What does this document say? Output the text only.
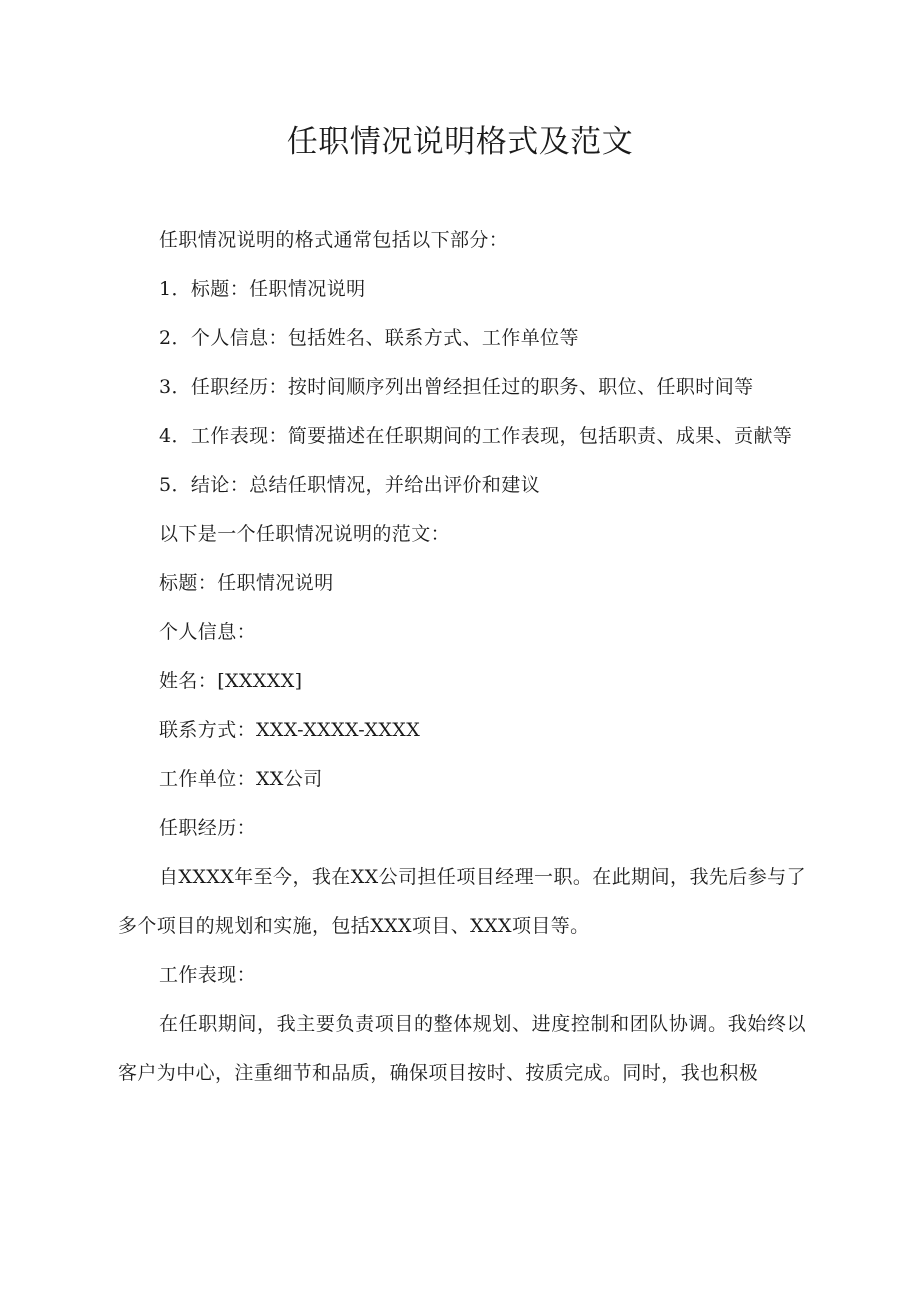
任职情况说明格式及范文

任职情况说明的格式通常包括以下部分：

1．标题：任职情况说明

2．个人信息：包括姓名、联系方式、工作单位等

3．任职经历：按时间顺序列出曾经担任过的职务、职位、任职时间等

4．工作表现：简要描述在任职期间的工作表现，包括职责、成果、贡献等

5．结论：总结任职情况，并给出评价和建议

以下是一个任职情况说明的范文：

标题：任职情况说明

个人信息：

姓名：[XXXXX]

联系方式：XXX-XXXX-XXXX

工作单位：XX公司

任职经历：

自XXXX年至今，我在XX公司担任项目经理一职。在此期间，我先后参与了多个项目的规划和实施，包括XXX项目、XXX项目等。

工作表现：

在任职期间，我主要负责项目的整体规划、进度控制和团队协调。我始终以客户为中心，注重细节和品质，确保项目按时、按质完成。同时，我也积极
